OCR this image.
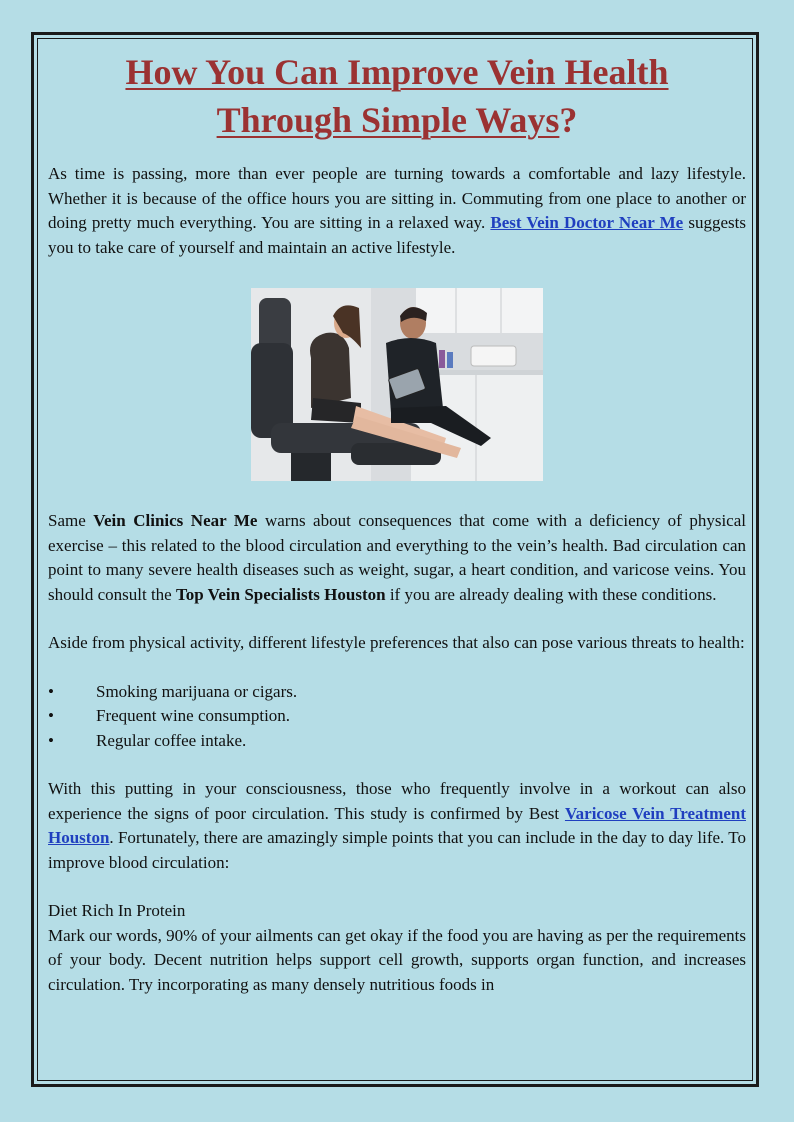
How You Can Improve Vein Health
Through Simple Ways?

As time is passing, more than ever people are turning towards a comfortable and lazy lifestyle. Whether it is because of the office hours you are sitting in. Commuting from one place to another or doing pretty much everything. You are sitting in a relaxed way. Best Vein Doctor Near Me suggests you to take care of yourself and maintain an active lifestyle.

Same Vein Clinics Near Me warns about consequences that come with a deficiency of physical exercise – this related to the blood circulation and everything to the vein’s health. Bad circulation can point to many severe health diseases such as weight, sugar, a heart condition, and varicose veins. You should consult the Top Vein Specialists Houston if you are already dealing with these conditions.

Aside from physical activity, different lifestyle preferences that also can pose various threats to health:

• Smoking marijuana or cigars.
• Frequent wine consumption.
• Regular coffee intake.

With this putting in your consciousness, those who frequently involve in a workout can also experience the signs of poor circulation. This study is confirmed by Best Varicose Vein Treatment Houston. Fortunately, there are amazingly simple points that you can include in the day to day life. To improve blood circulation:

Diet Rich In Protein

Mark our words, 90% of your ailments can get okay if the food you are having as per the requirements of your body. Decent nutrition helps support cell growth, supports organ function, and increases circulation. Try incorporating as many densely nutritious foods in
